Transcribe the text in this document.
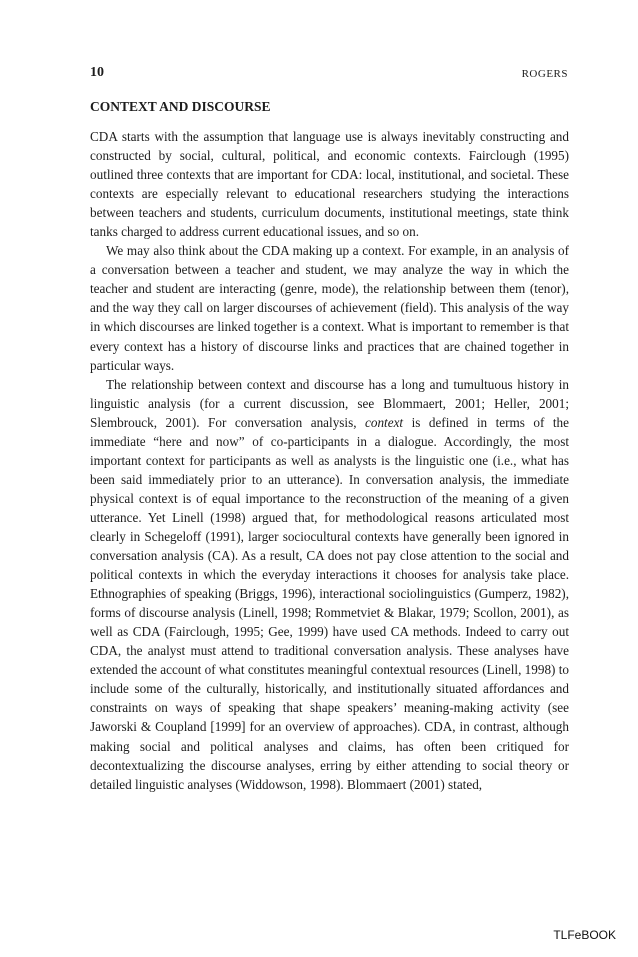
10	ROGERS
CONTEXT AND DISCOURSE

CDA starts with the assumption that language use is always inevitably constructing and constructed by social, cultural, political, and economic contexts. Fairclough (1995) outlined three contexts that are important for CDA: local, institutional, and societal. These contexts are especially relevant to educational researchers studying the interactions between teachers and students, curriculum documents, institutional meetings, state think tanks charged to address current educational issues, and so on.

We may also think about the CDA making up a context. For example, in an analysis of a conversation between a teacher and student, we may analyze the way in which the teacher and student are interacting (genre, mode), the relationship between them (tenor), and the way they call on larger discourses of achievement (field). This analysis of the way in which discourses are linked together is a context. What is important to remember is that every context has a history of discourse links and practices that are chained together in particular ways.

The relationship between context and discourse has a long and tumultuous history in linguistic analysis (for a current discussion, see Blommaert, 2001; Heller, 2001; Slembrouck, 2001). For conversation analysis, context is defined in terms of the immediate “here and now” of co-participants in a dialogue. Accordingly, the most important context for participants as well as analysts is the linguistic one (i.e., what has been said immediately prior to an utterance). In conversation analysis, the immediate physical context is of equal importance to the reconstruction of the meaning of a given utterance. Yet Linell (1998) argued that, for methodological reasons articulated most clearly in Schegeloff (1991), larger sociocultural contexts have generally been ignored in conversation analysis (CA). As a result, CA does not pay close attention to the social and political contexts in which the everyday interactions it chooses for analysis take place. Ethnographies of speaking (Briggs, 1996), interactional sociolinguistics (Gumperz, 1982), forms of discourse analysis (Linell, 1998; Rommetviet & Blakar, 1979; Scollon, 2001), as well as CDA (Fairclough, 1995; Gee, 1999) have used CA methods. Indeed to carry out CDA, the analyst must attend to traditional conversation analysis. These analyses have extended the account of what constitutes meaningful contextual resources (Linell, 1998) to include some of the culturally, historically, and institutionally situated affordances and constraints on ways of speaking that shape speakers’ meaning-making activity (see Jaworski & Coupland [1999] for an overview of approaches). CDA, in contrast, although making social and political analyses and claims, has often been critiqued for decontextualizing the discourse analyses, erring by either attending to social theory or detailed linguistic analyses (Widdowson, 1998). Blommaert (2001) stated,

TLFeBOOK
